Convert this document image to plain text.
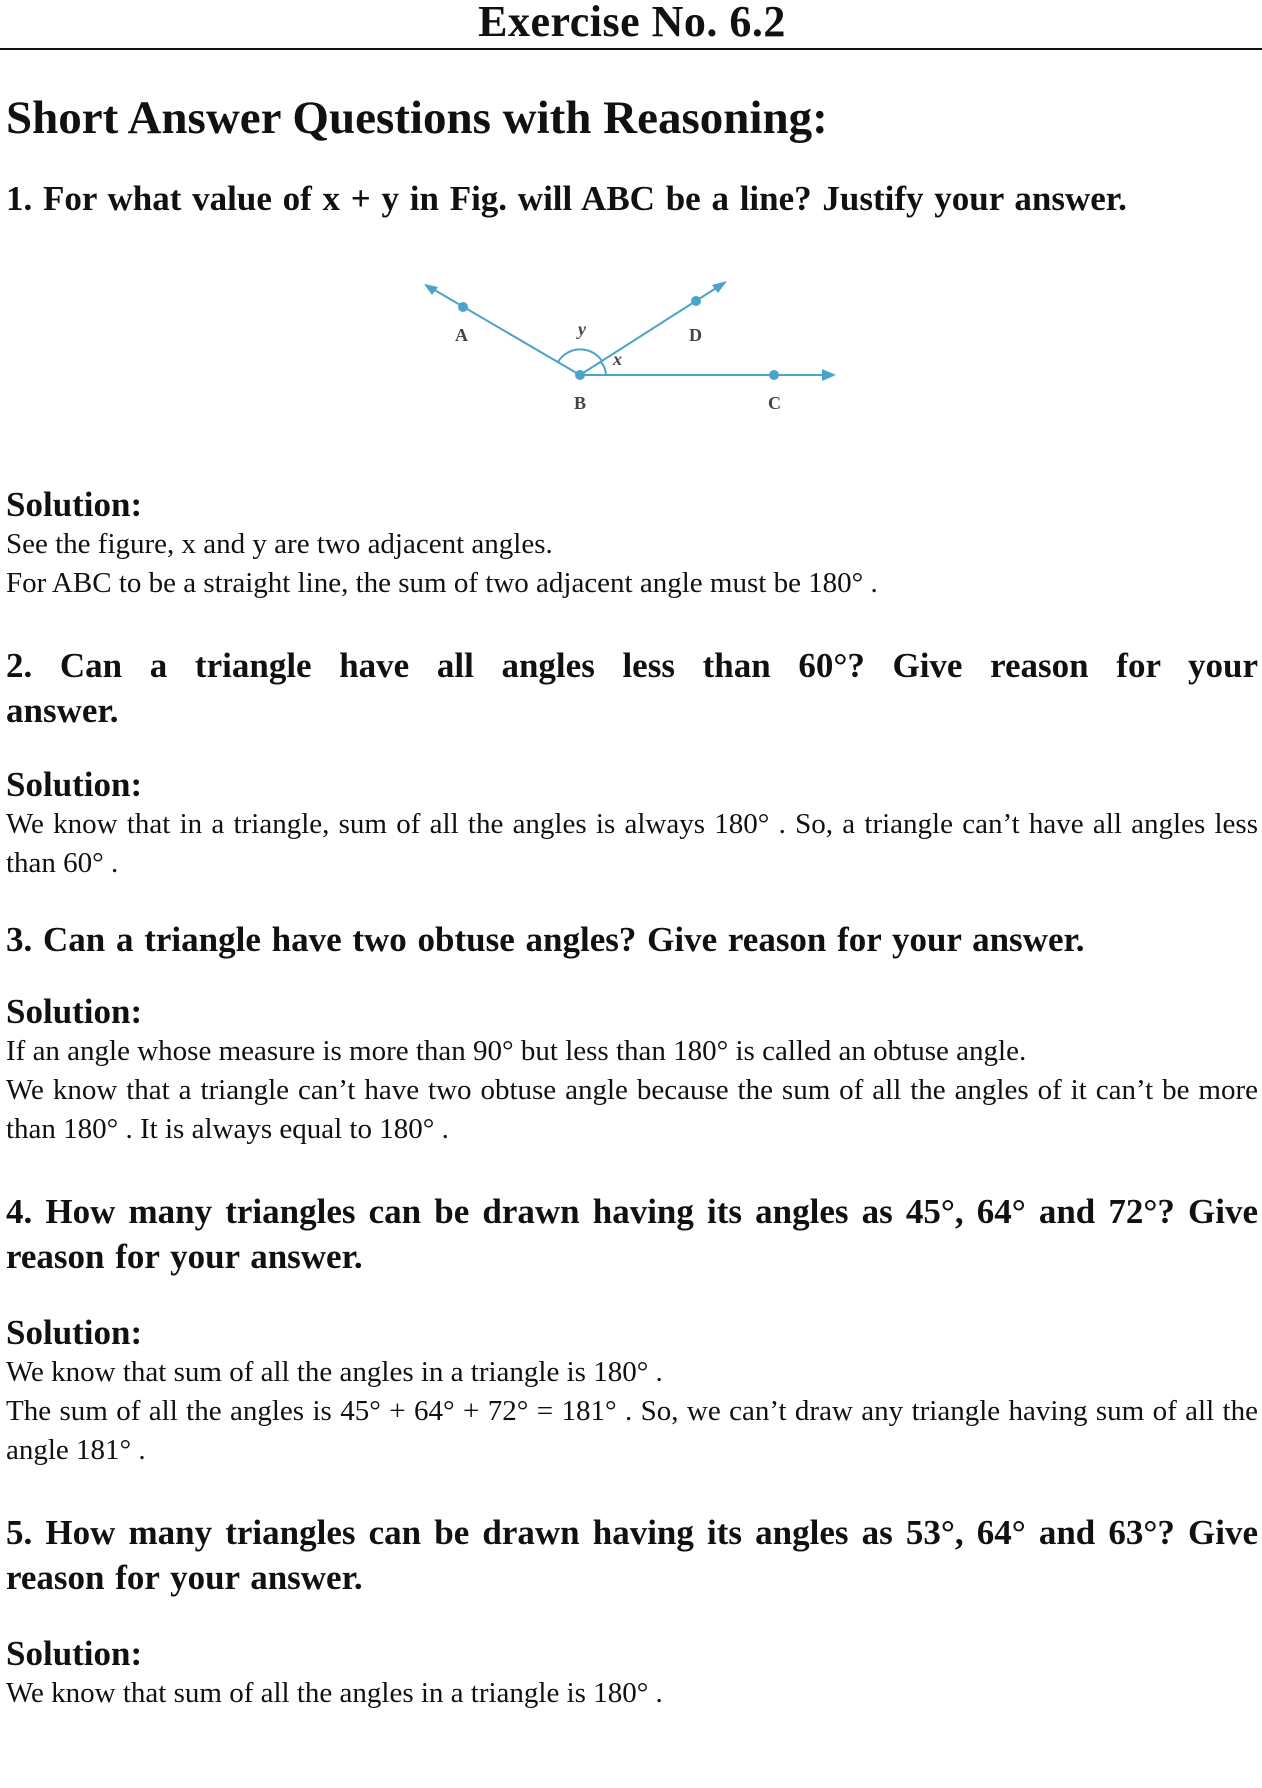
Exercise No. 6.2
Short Answer Questions with Reasoning:

1. For what value of x + y in Fig. will ABC be a line? Justify your answer.

A	D
B	C
y
x

Solution:

See the figure, x and y are two adjacent angles.

For ABC to be a straight line, the sum of two adjacent angle must be 180° .

2. Can a triangle have all angles less than 60°? Give reason for your answer.

Solution:

We know that in a triangle, sum of all the angles is always 180° . So, a triangle can’t have all angles less than 60° .

3. Can a triangle have two obtuse angles? Give reason for your answer.

Solution:

If an angle whose measure is more than 90° but less than 180° is called an obtuse angle.

We know that a triangle can’t have two obtuse angle because the sum of all the angles of it can’t be more than 180° . It is always equal to 180° .

4. How many triangles can be drawn having its angles as 45°, 64° and 72°? Give reason for your answer.

Solution:

We know that sum of all the angles in a triangle is 180° .

The sum of all the angles is 45° + 64° + 72° = 181° . So, we can’t draw any triangle having sum of all the angle 181° .

5. How many triangles can be drawn having its angles as 53°, 64° and 63°? Give reason for your answer.

Solution:

We know that sum of all the angles in a triangle is 180° .
